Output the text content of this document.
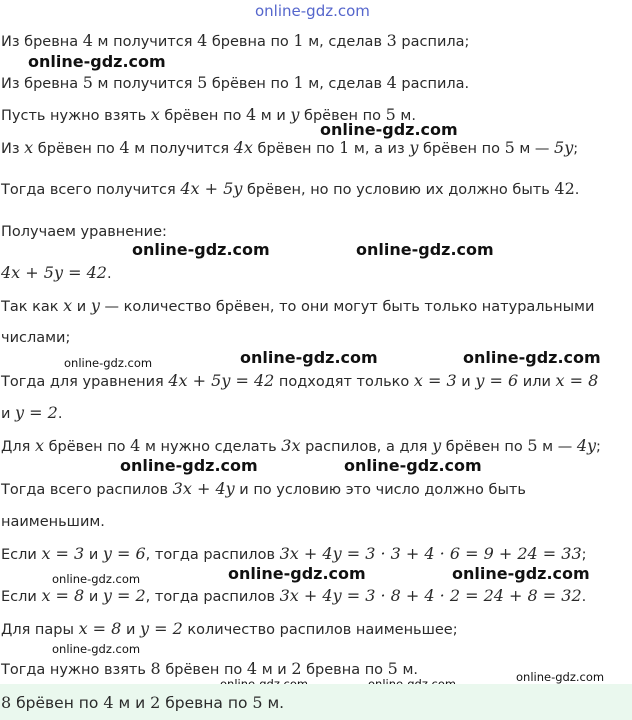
online-gdz.com
Из бревна 4 м получится 4 бревна по 1 м, сделав 3 распила;
online-gdz.com
Из бревна 5 м получится 5 брёвен по 1 м, сделав 4 распила.
Пусть нужно взять x брёвен по 4 м и y брёвен по 5 м.
online-gdz.com
Из x брёвен по 4 м получится 4x брёвен по 1 м, а из y брёвен по 5 м — 5y;
Тогда всего получится 4x + 5y брёвен, но по условию их должно быть 42.
Получаем уравнение:
online-gdz.com	online-gdz.com
4x + 5y = 42.
Так как x и y — количество брёвен, то они могут быть только натуральными
числами;
online-gdz.com	online-gdz.com
online-gdz.com
Тогда для уравнения 4x + 5y = 42 подходят только x = 3 и y = 6 или x = 8
и y = 2.
Для x брёвен по 4 м нужно сделать 3x распилов, а для y брёвен по 5 м — 4y;
online-gdz.com	online-gdz.com
Тогда всего распилов 3x + 4y и по условию это число должно быть
наименьшим.
Если x = 3 и y = 6, тогда распилов 3x + 4y = 3 · 3 + 4 · 6 = 9 + 24 = 33;
online-gdz.com	online-gdz.com
online-gdz.com
Если x = 8 и y = 2, тогда распилов 3x + 4y = 3 · 8 + 4 · 2 = 24 + 8 = 32.
Для пары x = 8 и y = 2 количество распилов наименьшее;
online-gdz.com
Тогда нужно взять 8 брёвен по 4 м и 2 бревна по 5 м.	online-gdz.com
8 брёвен по 4 м и 2 бревна по 5 м.
